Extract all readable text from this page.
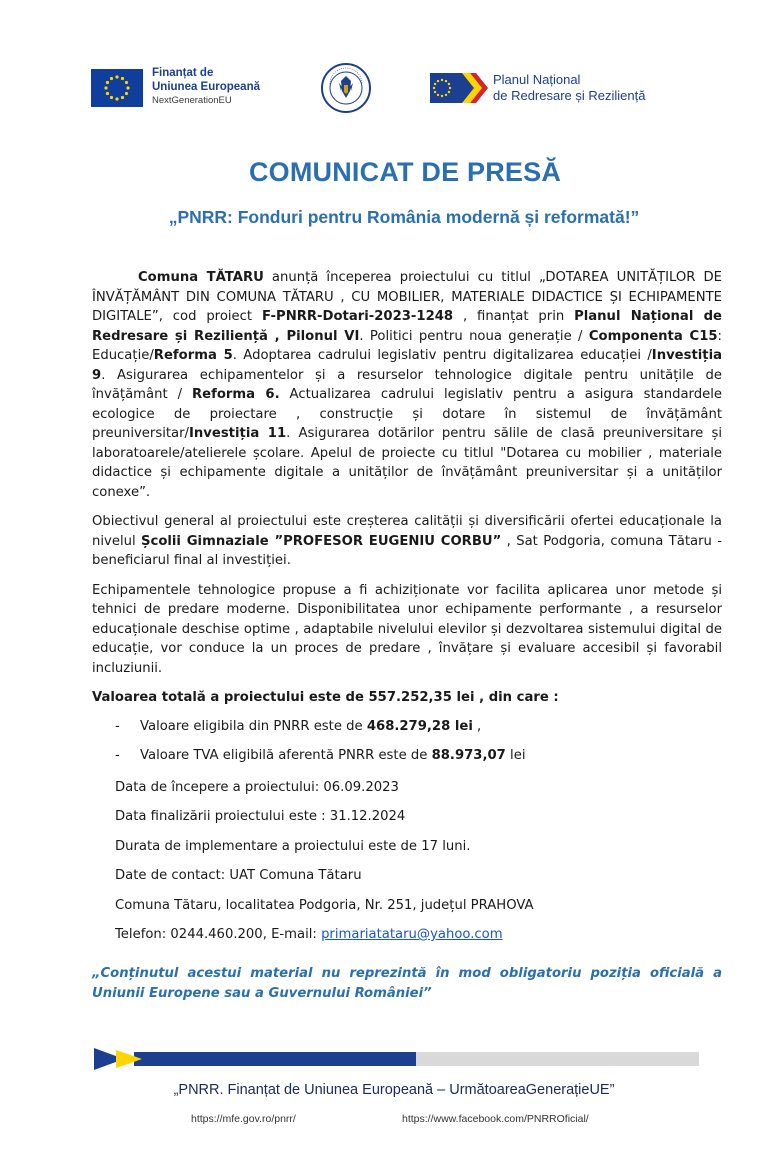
Finanțat de
Uniunea Europeană
NextGenerationEU
Planul Național
de Redresare și Reziliență
COMUNICAT DE PRESĂ
„PNRR: Fonduri pentru România modernă și reformată!”

Comuna TĂTARU anunță începerea proiectului cu titlul „DOTAREA UNITĂȚILOR DE ÎNVĂȚĂMÂNT DIN COMUNA TĂTARU , CU MOBILIER, MATERIALE DIDACTICE ȘI ECHIPAMENTE DIGITALE”, cod proiect F-PNRR-Dotari-2023-1248 , finanțat prin Planul Național de Redresare și Reziliență , Pilonul VI. Politici pentru noua generație / Componenta C15: Educație/Reforma 5. Adoptarea cadrului legislativ pentru digitalizarea educației /Investiția 9. Asigurarea echipamentelor și a resurselor tehnologice digitale pentru unitățile de învățământ / Reforma 6. Actualizarea cadrului legislativ pentru a asigura standardele ecologice de proiectare , construcție și dotare în sistemul de învățământ preuniversitar/Investiția 11. Asigurarea dotărilor pentru sălile de clasă preuniversitare și laboratoarele/atelierele școlare. Apelul de proiecte cu titlul "Dotarea cu mobilier , materiale didactice și echipamente digitale a unităților de învățământ preuniversitar și a unităților conexe”.

Obiectivul general al proiectului este creșterea calității și diversificării ofertei educaționale la nivelul Școlii Gimnaziale ”PROFESOR EUGENIU CORBU” , Sat Podgoria, comuna Tătaru - beneficiarul final al investiției.

Echipamentele tehnologice propuse a fi achiziționate vor facilita aplicarea unor metode și tehnici de predare moderne. Disponibilitatea unor echipamente performante , a resurselor educaționale deschise optime , adaptabile nivelului elevilor și dezvoltarea sistemului digital de educație, vor conduce la un proces de predare , învățare și evaluare accesibil și favorabil incluziunii.

Valoarea totală a proiectului este de 557.252,35 lei , din care :

-	Valoare eligibila din PNRR este de 468.279,28 lei ,
-	Valoare TVA eligibilă aferentă PNRR este de 88.973,07 lei
Data de începere a proiectului: 06.09.2023
Data finalizării proiectului este : 31.12.2024
Durata de implementare a proiectului este de 17 luni.
Date de contact: UAT Comuna Tătaru
Comuna Tătaru, localitatea Podgoria, Nr. 251, județul PRAHOVA
Telefon: 0244.460.200, E-mail: primariatataru@yahoo.com
„Conținutul acestui material nu reprezintă în mod obligatoriu poziția oficială a Uniunii Europene sau a Guvernului României”
„PNRR. Finanțat de Uniunea Europeană – UrmătoareaGenerațieUE”
https://mfe.gov.ro/pnrr/	https://www.facebook.com/PNRROficial/
